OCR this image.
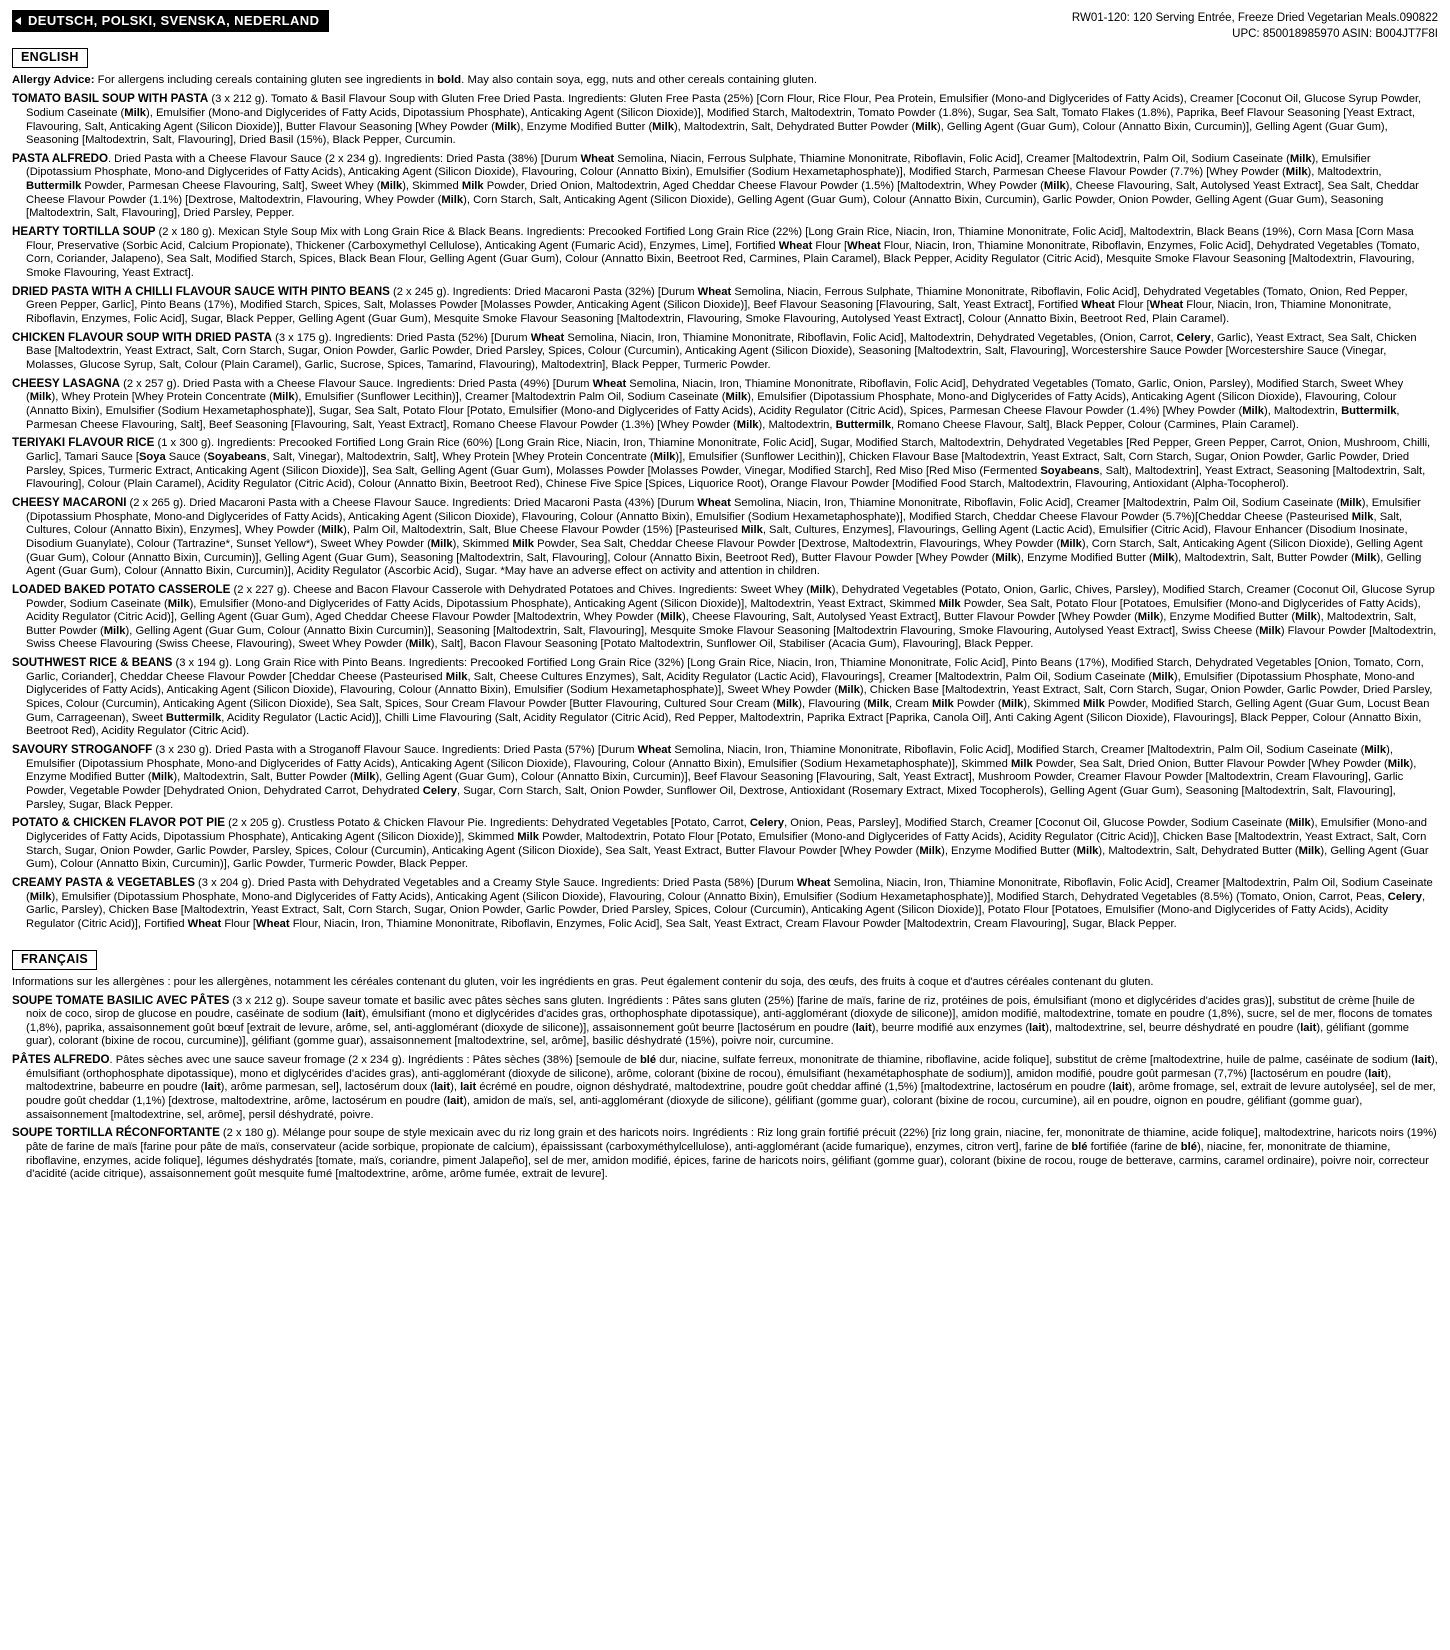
DEUTSCH, POLSKI, SVENSKA, NEDERLAND	RW01-120: 120 Serving Entrée, Freeze Dried Vegetarian Meals.090822
UPC: 850018985970 ASIN: B004JT7F8I
ENGLISH
Allergy Advice: For allergens including cereals containing gluten see ingredients in bold. May also contain soya, egg, nuts and other cereals containing gluten.

TOMATO BASIL SOUP WITH PASTA (3 x 212 g). Tomato & Basil Flavour Soup with Gluten Free Dried Pasta. Ingredients: Gluten Free Pasta (25%) [Corn Flour, Rice Flour, Pea Protein, Emulsifier (Mono-and Diglycerides of Fatty Acids), Creamer [Coconut Oil, Glucose Syrup Powder, Sodium Caseinate (Milk), Emulsifier (Mono-and Diglycerides of Fatty Acids, Dipotassium Phosphate), Anticaking Agent (Silicon Dioxide)], Modified Starch, Maltodextrin, Tomato Powder (1.8%), Sugar, Sea Salt, Tomato Flakes (1.8%), Paprika, Beef Flavour Seasoning [Yeast Extract, Flavouring, Salt, Anticaking Agent (Silicon Dioxide)], Butter Flavour Seasoning [Whey Powder (Milk), Enzyme Modified Butter (Milk), Maltodextrin, Salt, Dehydrated Butter Powder (Milk), Gelling Agent (Guar Gum), Colour (Annatto Bixin, Curcumin)], Gelling Agent (Guar Gum), Seasoning [Maltodextrin, Salt, Flavouring], Dried Basil (15%), Black Pepper, Curcumin.

PASTA ALFREDO. Dried Pasta with a Cheese Flavour Sauce (2 x 234 g). Ingredients: Dried Pasta (38%) [Durum Wheat Semolina, Niacin, Ferrous Sulphate, Thiamine Mononitrate, Riboflavin, Folic Acid], Creamer [Maltodextrin, Palm Oil, Sodium Caseinate (Milk), Emulsifier (Dipotassium Phosphate, Mono-and Diglycerides of Fatty Acids), Anticaking Agent (Silicon Dioxide), Flavouring, Colour (Annatto Bixin), Emulsifier (Sodium Hexametaphosphate)], Modified Starch, Parmesan Cheese Flavour Powder (7.7%) [Whey Powder (Milk), Maltodextrin, Buttermilk Powder, Parmesan Cheese Flavouring, Salt], Sweet Whey (Milk), Skimmed Milk Powder, Dried Onion, Maltodextrin, Aged Cheddar Cheese Flavour Powder (1.5%) [Maltodextrin, Whey Powder (Milk), Cheese Flavouring, Salt, Autolysed Yeast Extract], Sea Salt, Cheddar Cheese Flavour Powder (1.1%) [Dextrose, Maltodextrin, Flavouring, Whey Powder (Milk), Corn Starch, Salt, Anticaking Agent (Silicon Dioxide), Gelling Agent (Guar Gum), Colour (Annatto Bixin, Curcumin), Garlic Powder, Onion Powder, Gelling Agent (Guar Gum), Seasoning [Maltodextrin, Salt, Flavouring], Dried Parsley, Pepper.

HEARTY TORTILLA SOUP (2 x 180 g). Mexican Style Soup Mix with Long Grain Rice & Black Beans. Ingredients: Precooked Fortified Long Grain Rice (22%) [Long Grain Rice, Niacin, Iron, Thiamine Mononitrate, Folic Acid], Maltodextrin, Black Beans (19%), Corn Masa [Corn Masa Flour, Preservative (Sorbic Acid, Calcium Propionate), Thickener (Carboxymethyl Cellulose), Anticaking Agent (Fumaric Acid), Enzymes, Lime], Fortified Wheat Flour [Wheat Flour, Niacin, Iron, Thiamine Mononitrate, Riboflavin, Enzymes, Folic Acid], Dehydrated Vegetables (Tomato, Corn, Coriander, Jalapeno), Sea Salt, Modified Starch, Spices, Black Bean Flour, Gelling Agent (Guar Gum), Colour (Annatto Bixin, Beetroot Red, Carmines, Plain Caramel), Black Pepper, Acidity Regulator (Citric Acid), Mesquite Smoke Flavour Seasoning [Maltodextrin, Flavouring, Smoke Flavouring, Yeast Extract].

DRIED PASTA WITH A CHILLI FLAVOUR SAUCE WITH PINTO BEANS (2 x 245 g). Ingredients: Dried Macaroni Pasta (32%) [Durum Wheat Semolina, Niacin, Ferrous Sulphate, Thiamine Mononitrate, Riboflavin, Folic Acid], Dehydrated Vegetables (Tomato, Onion, Red Pepper, Green Pepper, Garlic], Pinto Beans (17%), Modified Starch, Spices, Salt, Molasses Powder [Molasses Powder, Anticaking Agent (Silicon Dioxide)], Beef Flavour Seasoning [Flavouring, Salt, Yeast Extract], Fortified Wheat Flour [Wheat Flour, Niacin, Iron, Thiamine Mononitrate, Riboflavin, Enzymes, Folic Acid], Sugar, Black Pepper, Gelling Agent (Guar Gum), Mesquite Smoke Flavour Seasoning [Maltodextrin, Flavouring, Smoke Flavouring, Autolysed Yeast Extract], Colour (Annatto Bixin, Beetroot Red, Plain Caramel).

CHICKEN FLAVOUR SOUP WITH DRIED PASTA (3 x 175 g). Ingredients: Dried Pasta (52%) [Durum Wheat Semolina, Niacin, Iron, Thiamine Mononitrate, Riboflavin, Folic Acid], Maltodextrin, Dehydrated Vegetables, (Onion, Carrot, Celery, Garlic), Yeast Extract, Sea Salt, Chicken Base [Maltodextrin, Yeast Extract, Salt, Corn Starch, Sugar, Onion Powder, Garlic Powder, Dried Parsley, Spices, Colour (Curcumin), Anticaking Agent (Silicon Dioxide), Seasoning [Maltodextrin, Salt, Flavouring], Worcestershire Sauce Powder [Worcestershire Sauce (Vinegar, Molasses, Glucose Syrup, Salt, Colour (Plain Caramel), Garlic, Sucrose, Spices, Tamarind, Flavouring), Maltodextrin], Black Pepper, Turmeric Powder.

CHEESY LASAGNA (2 x 257 g). Dried Pasta with a Cheese Flavour Sauce. Ingredients: Dried Pasta (49%) [Durum Wheat Semolina, Niacin, Iron, Thiamine Mononitrate, Riboflavin, Folic Acid], Dehydrated Vegetables (Tomato, Garlic, Onion, Parsley), Modified Starch, Sweet Whey (Milk), Whey Protein [Whey Protein Concentrate (Milk), Emulsifier (Sunflower Lecithin)], Creamer [Maltodextrin Palm Oil, Sodium Caseinate (Milk), Emulsifier (Dipotassium Phosphate, Mono-and Diglycerides of Fatty Acids), Anticaking Agent (Silicon Dioxide), Flavouring, Colour (Annatto Bixin), Emulsifier (Sodium Hexametaphosphate)], Sugar, Sea Salt, Potato Flour [Potato, Emulsifier (Mono-and Diglycerides of Fatty Acids), Acidity Regulator (Citric Acid), Spices, Parmesan Cheese Flavour Powder (1.4%) [Whey Powder (Milk), Maltodextrin, Buttermilk, Parmesan Cheese Flavouring, Salt], Beef Seasoning [Flavouring, Salt, Yeast Extract], Romano Cheese Flavour Powder (1.3%) [Whey Powder (Milk), Maltodextrin, Buttermilk, Romano Cheese Flavour, Salt], Black Pepper, Colour (Carmines, Plain Caramel).

TERIYAKI FLAVOUR RICE (1 x 300 g). Ingredients: Precooked Fortified Long Grain Rice (60%) [Long Grain Rice, Niacin, Iron, Thiamine Mononitrate, Folic Acid], Sugar, Modified Starch, Maltodextrin, Dehydrated Vegetables [Red Pepper, Green Pepper, Carrot, Onion, Mushroom, Chilli, Garlic], Tamari Sauce [Soya Sauce (Soyabeans, Salt, Vinegar), Maltodextrin, Salt], Whey Protein [Whey Protein Concentrate (Milk)], Emulsifier (Sunflower Lecithin)], Chicken Flavour Base [Maltodextrin, Yeast Extract, Salt, Corn Starch, Sugar, Onion Powder, Garlic Powder, Dried Parsley, Spices, Turmeric Extract, Anticaking Agent (Silicon Dioxide)], Sea Salt, Gelling Agent (Guar Gum), Molasses Powder [Molasses Powder, Vinegar, Modified Starch], Red Miso [Red Miso (Fermented Soyabeans, Salt), Maltodextrin], Yeast Extract, Seasoning [Maltodextrin, Salt, Flavouring], Colour (Plain Caramel), Acidity Regulator (Citric Acid), Colour (Annatto Bixin, Beetroot Red), Chinese Five Spice [Spices, Liquorice Root), Orange Flavour Powder [Modified Food Starch, Maltodextrin, Flavouring, Antioxidant (Alpha-Tocopherol).

CHEESY MACARONI (2 x 265 g). Dried Macaroni Pasta with a Cheese Flavour Sauce. Ingredients: Dried Macaroni Pasta (43%) [Durum Wheat Semolina, Niacin, Iron, Thiamine Mononitrate, Riboflavin, Folic Acid], Creamer [Maltodextrin, Palm Oil, Sodium Caseinate (Milk), Emulsifier (Dipotassium Phosphate, Mono-and Diglycerides of Fatty Acids), Anticaking Agent (Silicon Dioxide), Flavouring, Colour (Annatto Bixin), Emulsifier (Sodium Hexametaphosphate)], Modified Starch, Cheddar Cheese Flavour Powder (5.7%)[Cheddar Cheese (Pasteurised Milk, Salt, Cultures, Colour (Annatto Bixin), Enzymes], Whey Powder (Milk), Palm Oil, Maltodextrin, Salt, Blue Cheese Flavour Powder (15%) [Pasteurised Milk, Salt, Cultures, Enzymes], Flavourings, Gelling Agent (Lactic Acid), Emulsifier (Citric Acid), Flavour Enhancer (Disodium Inosinate, Disodium Guanylate), Colour (Tartrazine*, Sunset Yellow*), Sweet Whey Powder (Milk), Skimmed Milk Powder, Sea Salt, Cheddar Cheese Flavour Powder [Dextrose, Maltodextrin, Flavourings, Whey Powder (Milk), Corn Starch, Salt, Anticaking Agent (Silicon Dioxide), Gelling Agent (Guar Gum), Colour (Annatto Bixin, Curcumin)], Gelling Agent (Guar Gum), Seasoning [Maltodextrin, Salt, Flavouring], Colour (Annatto Bixin, Beetroot Red), Butter Flavour Powder [Whey Powder (Milk), Enzyme Modified Butter (Milk), Maltodextrin, Salt, Butter Powder (Milk), Gelling Agent (Guar Gum), Colour (Annatto Bixin, Curcumin)], Acidity Regulator (Ascorbic Acid), Sugar. *May have an adverse effect on activity and attention in children.

LOADED BAKED POTATO CASSEROLE (2 x 227 g). Cheese and Bacon Flavour Casserole with Dehydrated Potatoes and Chives. Ingredients: Sweet Whey (Milk), Dehydrated Vegetables (Potato, Onion, Garlic, Chives, Parsley), Modified Starch, Creamer (Coconut Oil, Glucose Syrup Powder, Sodium Caseinate (Milk), Emulsifier (Mono-and Diglycerides of Fatty Acids, Dipotassium Phosphate), Anticaking Agent (Silicon Dioxide)], Maltodextrin, Yeast Extract, Skimmed Milk Powder, Sea Salt, Potato Flour [Potatoes, Emulsifier (Mono-and Diglycerides of Fatty Acids), Acidity Regulator (Citric Acid)], Gelling Agent (Guar Gum), Aged Cheddar Cheese Flavour Powder [Maltodextrin, Whey Powder (Milk), Cheese Flavouring, Salt, Autolysed Yeast Extract], Butter Flavour Powder [Whey Powder (Milk), Enzyme Modified Butter (Milk), Maltodextrin, Salt, Butter Powder (Milk), Gelling Agent (Guar Gum, Colour (Annatto Bixin Curcumin)], Seasoning [Maltodextrin, Salt, Flavouring], Mesquite Smoke Flavour Seasoning [Maltodextrin Flavouring, Smoke Flavouring, Autolysed Yeast Extract], Swiss Cheese (Milk) Flavour Powder [Maltodextrin, Swiss Cheese Flavouring (Swiss Cheese, Flavouring), Sweet Whey Powder (Milk), Salt], Bacon Flavour Seasoning [Potato Maltodextrin, Sunflower Oil, Stabiliser (Acacia Gum), Flavouring], Black Pepper.

SOUTHWEST RICE & BEANS (3 x 194 g). Long Grain Rice with Pinto Beans. Ingredients: Precooked Fortified Long Grain Rice (32%) [Long Grain Rice, Niacin, Iron, Thiamine Mononitrate, Folic Acid], Pinto Beans (17%), Modified Starch, Dehydrated Vegetables [Onion, Tomato, Corn, Garlic, Coriander], Cheddar Cheese Flavour Powder [Cheddar Cheese (Pasteurised Milk, Salt, Cheese Cultures Enzymes), Salt, Acidity Regulator (Lactic Acid), Flavourings], Creamer [Maltodextrin, Palm Oil, Sodium Caseinate (Milk), Emulsifier (Dipotassium Phosphate, Mono-and Diglycerides of Fatty Acids), Anticaking Agent (Silicon Dioxide), Flavouring, Colour (Annatto Bixin), Emulsifier (Sodium Hexametaphosphate)], Sweet Whey Powder (Milk), Chicken Base [Maltodextrin, Yeast Extract, Salt, Corn Starch, Sugar, Onion Powder, Garlic Powder, Dried Parsley, Spices, Colour (Curcumin), Anticaking Agent (Silicon Dioxide), Sea Salt, Spices, Sour Cream Flavour Powder [Butter Flavouring, Cultured Sour Cream (Milk), Flavouring (Milk, Cream Milk Powder (Milk), Skimmed Milk Powder, Modified Starch, Gelling Agent (Guar Gum, Locust Bean Gum, Carrageenan), Sweet Buttermilk, Acidity Regulator (Lactic Acid)], Chilli Lime Flavouring (Salt, Acidity Regulator (Citric Acid), Red Pepper, Maltodextrin, Paprika Extract [Paprika, Canola Oil], Anti Caking Agent (Silicon Dioxide), Flavourings], Black Pepper, Colour (Annatto Bixin, Beetroot Red), Acidity Regulator (Citric Acid).

SAVOURY STROGANOFF (3 x 230 g). Dried Pasta with a Stroganoff Flavour Sauce. Ingredients: Dried Pasta (57%) [Durum Wheat Semolina, Niacin, Iron, Thiamine Mononitrate, Riboflavin, Folic Acid], Modified Starch, Creamer [Maltodextrin, Palm Oil, Sodium Caseinate (Milk), Emulsifier (Dipotassium Phosphate, Mono-and Diglycerides of Fatty Acids), Anticaking Agent (Silicon Dioxide), Flavouring, Colour (Annatto Bixin), Emulsifier (Sodium Hexametaphosphate)], Skimmed Milk Powder, Sea Salt, Dried Onion, Butter Flavour Powder [Whey Powder (Milk), Enzyme Modified Butter (Milk), Maltodextrin, Salt, Butter Powder (Milk), Gelling Agent (Guar Gum), Colour (Annatto Bixin, Curcumin)], Beef Flavour Seasoning [Flavouring, Salt, Yeast Extract], Mushroom Powder, Creamer Flavour Powder [Maltodextrin, Cream Flavouring], Garlic Powder, Vegetable Powder [Dehydrated Onion, Dehydrated Carrot, Dehydrated Celery, Sugar, Corn Starch, Salt, Onion Powder, Sunflower Oil, Dextrose, Antioxidant (Rosemary Extract, Mixed Tocopherols), Gelling Agent (Guar Gum), Seasoning [Maltodextrin, Salt, Flavouring], Parsley, Sugar, Black Pepper.

POTATO & CHICKEN FLAVOR POT PIE (2 x 205 g). Crustless Potato & Chicken Flavour Pie. Ingredients: Dehydrated Vegetables [Potato, Carrot, Celery, Onion, Peas, Parsley], Modified Starch, Creamer [Coconut Oil, Glucose Powder, Sodium Caseinate (Milk), Emulsifier (Mono-and Diglycerides of Fatty Acids, Dipotassium Phosphate), Anticaking Agent (Silicon Dioxide)], Skimmed Milk Powder, Maltodextrin, Potato Flour [Potato, Emulsifier (Mono-and Diglycerides of Fatty Acids), Acidity Regulator (Citric Acid)], Chicken Base [Maltodextrin, Yeast Extract, Salt, Corn Starch, Sugar, Onion Powder, Garlic Powder, Parsley, Spices, Colour (Curcumin), Anticaking Agent (Silicon Dioxide), Sea Salt, Yeast Extract, Butter Flavour Powder [Whey Powder (Milk), Enzyme Modified Butter (Milk), Maltodextrin, Salt, Dehydrated Butter (Milk), Gelling Agent (Guar Gum), Colour (Annatto Bixin, Curcumin)], Garlic Powder, Turmeric Powder, Black Pepper.

CREAMY PASTA & VEGETABLES (3 x 204 g). Dried Pasta with Dehydrated Vegetables and a Creamy Style Sauce. Ingredients: Dried Pasta (58%) [Durum Wheat Semolina, Niacin, Iron, Thiamine Mononitrate, Riboflavin, Folic Acid], Creamer [Maltodextrin, Palm Oil, Sodium Caseinate (Milk), Emulsifier (Dipotassium Phosphate, Mono-and Diglycerides of Fatty Acids), Anticaking Agent (Silicon Dioxide), Flavouring, Colour (Annatto Bixin), Emulsifier (Sodium Hexametaphosphate)], Modified Starch, Dehydrated Vegetables (8.5%) (Tomato, Onion, Carrot, Peas, Celery, Garlic, Parsley), Chicken Base [Maltodextrin, Yeast Extract, Salt, Corn Starch, Sugar, Onion Powder, Garlic Powder, Dried Parsley, Spices, Colour (Curcumin), Anticaking Agent (Silicon Dioxide)], Potato Flour [Potatoes, Emulsifier (Mono-and Diglycerides of Fatty Acids), Acidity Regulator (Citric Acid)], Fortified Wheat Flour [Wheat Flour, Niacin, Iron, Thiamine Mononitrate, Riboflavin, Enzymes, Folic Acid], Sea Salt, Yeast Extract, Cream Flavour Powder [Maltodextrin, Cream Flavouring], Sugar, Black Pepper.

FRANÇAIS
Informations sur les allergènes : pour les allergènes, notamment les céréales contenant du gluten, voir les ingrédients en gras. Peut également contenir du soja, des œufs, des fruits à coque et d'autres céréales contenant du gluten.

SOUPE TOMATE BASILIC AVEC PÂTES (3 x 212 g). Soupe saveur tomate et basilic avec pâtes sèches sans gluten. Ingrédients : Pâtes sans gluten (25%) [farine de maïs, farine de riz, protéines de pois, émulsifiant (mono et diglycérides d'acides gras)], substitut de crème [huile de noix de coco, sirop de glucose en poudre, caséinate de sodium (lait), émulsifiant (mono et diglycérides d'acides gras, orthophosphate dipotassique), anti-agglomérant (dioxyde de silicone)], amidon modifié, maltodextrine, tomate en poudre (1,8%), sucre, sel de mer, flocons de tomates (1,8%), paprika, assaisonnement goût bœuf [extrait de levure, arôme, sel, anti-agglomérant (dioxyde de silicone)], assaisonnement goût beurre [lactosérum en poudre (lait), beurre modifié aux enzymes (lait), maltodextrine, sel, beurre déshydraté en poudre (lait), gélifiant (gomme guar), colorant (bixine de rocou, curcumine)], gélifiant (gomme guar), assaisonnement [maltodextrine, sel, arôme], basilic déshydraté (15%), poivre noir, curcumine.

PÂTES ALFREDO. Pâtes sèches avec une sauce saveur fromage (2 x 234 g). Ingrédients : Pâtes sèches (38%) [semoule de blé dur, niacine, sulfate ferreux, mononitrate de thiamine, riboflavine, acide folique], substitut de crème [maltodextrine, huile de palme, caséinate de sodium (lait), émulsifiant (orthophosphate dipotassique), mono et diglycérides d'acides gras), anti-agglomérant (dioxyde de silicone), arôme, colorant (bixine de rocou), émulsifiant (hexamétaphosphate de sodium)], amidon modifié, poudre goût parmesan (7,7%) [lactosérum en poudre (lait), maltodextrine, babeurre en poudre (lait), arôme parmesan, sel], lactosérum doux (lait), lait écrémé en poudre, oignon déshydraté, maltodextrine, poudre goût cheddar affiné (1,5%) [maltodextrine, lactosérum en poudre (lait), arôme fromage, sel, extrait de levure autolysée], sel de mer, poudre goût cheddar (1,1%) [dextrose, maltodextrine, arôme, lactosérum en poudre (lait), amidon de maïs, sel, anti-agglomérant (dioxyde de silicone), gélifiant (gomme guar), colorant (bixine de rocou, curcumine), ail en poudre, oignon en poudre, gélifiant (gomme guar), assaisonnement [maltodextrine, sel, arôme], persil déshydraté, poivre.

SOUPE TORTILLA RÉCONFORTANTE (2 x 180 g). Mélange pour soupe de style mexicain avec du riz long grain et des haricots noirs. Ingrédients : Riz long grain fortifié précuit (22%) [riz long grain, niacine, fer, mononitrate de thiamine, acide folique], maltodextrine, haricots noirs (19%) pâte de farine de maïs [farine pour pâte de maïs, conservateur (acide sorbique, propionate de calcium), épaississant (carboxyméthylcellulose), anti-agglomérant (acide fumarique), enzymes, citron vert], farine de blé fortifiée (farine de blé), niacine, fer, mononitrate de thiamine, riboflavine, enzymes, acide folique], légumes déshydratés [tomate, maïs, coriandre, piment Jalapeño], sel de mer, amidon modifié, épices, farine de haricots noirs, gélifiant (gomme guar), colorant (bixine de rocou, rouge de betterave, carmins, caramel ordinaire), poivre noir, correcteur d'acidité (acide citrique), assaisonnement goût mesquite fumé [maltodextrine, arôme, arôme fumée, extrait de levure].
